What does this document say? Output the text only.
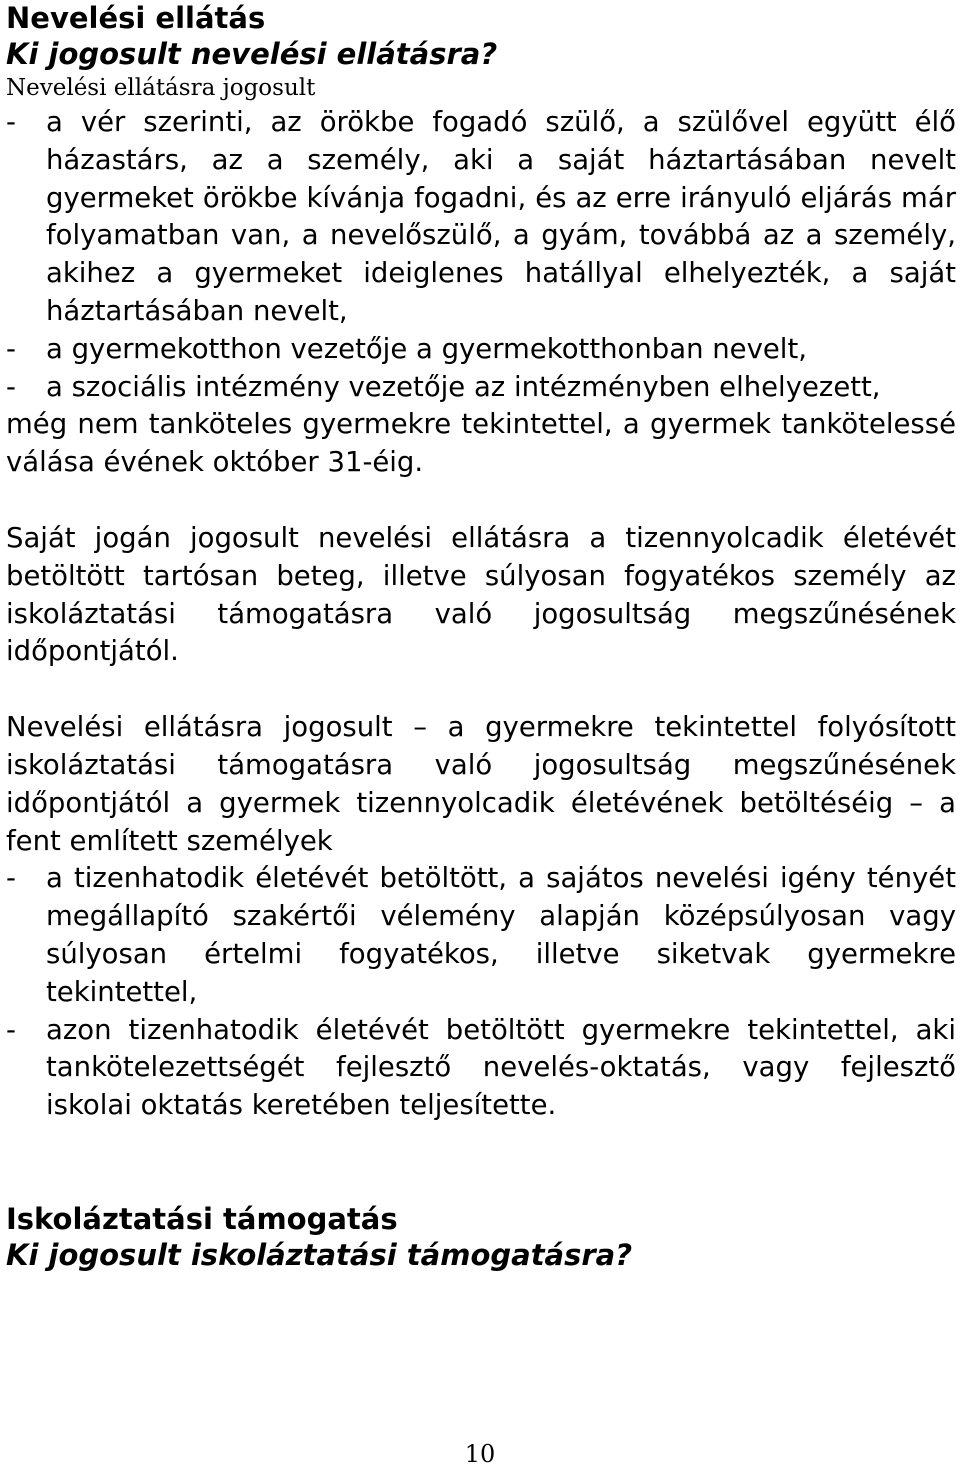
Nevelési ellátás
Ki jogosult nevelési ellátásra?

Nevelési ellátásra jogosult

-	a vér szerinti, az örökbe fogadó szülő, a szülővel együtt élő házastárs, az a személy, aki a saját háztartásában nevelt gyermeket örökbe kívánja fogadni, és az erre irányuló eljárás már folyamatban van, a nevelőszülő, a gyám, továbbá az a személy, akihez a gyermeket ideiglenes hatállyal elhelyezték, a saját háztartásában nevelt,
-	a gyermekotthon vezetője a gyermekotthonban nevelt,
-	a szociális intézmény vezetője az intézményben elhelyezett,

még nem tanköteles gyermekre tekintettel, a gyermek tankötelessé válása évének október 31-éig.

Saját jogán jogosult nevelési ellátásra a tizennyolcadik életévét betöltött tartósan beteg, illetve súlyosan fogyatékos személy az iskoláztatási támogatásra való jogosultság megszűnésének időpontjától.

Nevelési ellátásra jogosult – a gyermekre tekintettel folyósított iskoláztatási támogatásra való jogosultság megszűnésének időpontjától a gyermek tizennyolcadik életévének betöltéséig – a fent említett személyek

-	a tizenhatodik életévét betöltött, a sajátos nevelési igény tényét megállapító szakértői vélemény alapján középsúlyosan vagy súlyosan értelmi fogyatékos, illetve siketvak gyermekre tekintettel,
-	azon tizenhatodik életévét betöltött gyermekre tekintettel, aki tankötelezettségét fejlesztő nevelés-oktatás, vagy fejlesztő iskolai oktatás keretében teljesítette.
Iskoláztatási támogatás
Ki jogosult iskoláztatási támogatásra?
10
